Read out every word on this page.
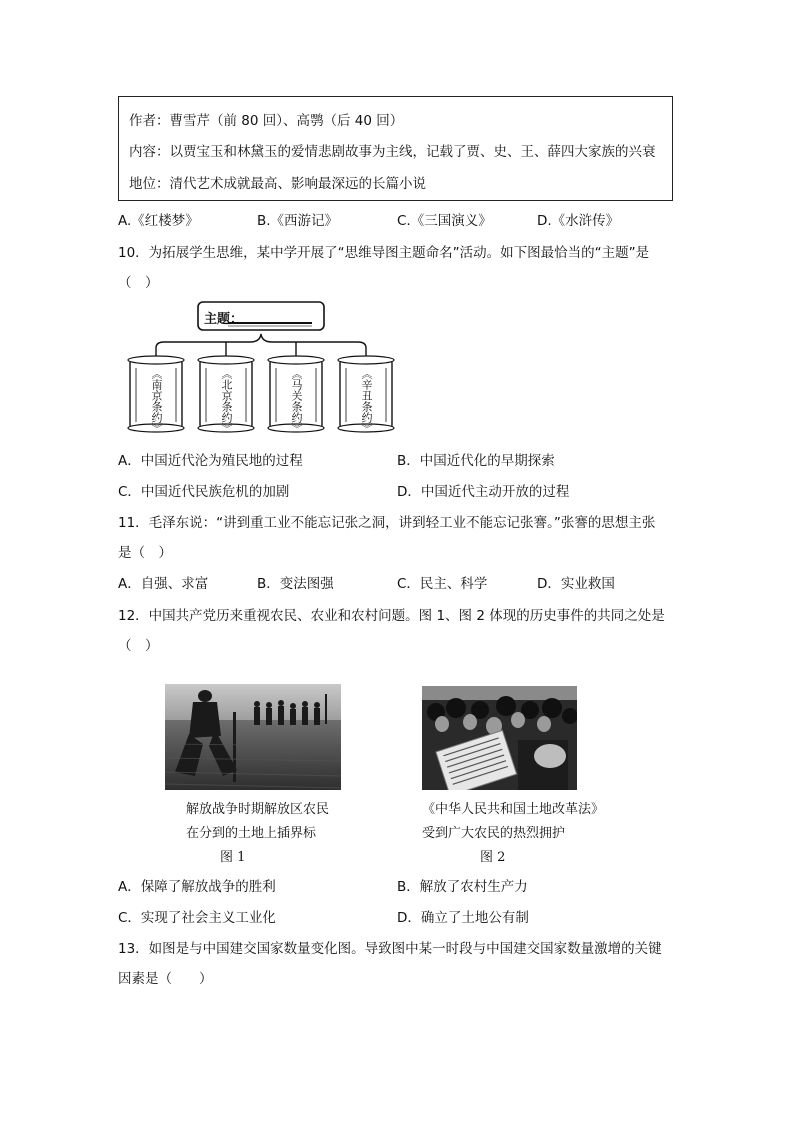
作者：曹雪芹（前 80 回）、高鹗（后 40 回）
内容：以贾宝玉和林黛玉的爱情悲剧故事为主线，记载了贾、史、王、薛四大家族的兴衰
地位：清代艺术成就最高、影响最深远的长篇小说
A.《红楼梦》	B.《西游记》	C.《三国演义》	D.《水浒传》
10．为拓展学生思维，某中学开展了“思维导图主题命名”活动。如下图最恰当的“主题”是
（　）
主题：
《南京条约》	《北京条约》	《马关条约》	《辛丑条约》
A．中国近代沦为殖民地的过程	B．中国近代化的早期探索
C．中国近代民族危机的加剧	D．中国近代主动开放的过程
11．毛泽东说：“讲到重工业不能忘记张之洞，讲到轻工业不能忘记张謇。”张謇的思想主张
是（　）
A．自强、求富	B．变法图强	C．民主、科学	D．实业救国
12．中国共产党历来重视农民、农业和农村问题。图 1、图 2 体现的历史事件的共同之处是
（　）
解放战争时期解放区农民
在分到的土地上插界标
图 1
《中华人民共和国土地改革法》
受到广大农民的热烈拥护
图 2
A．保障了解放战争的胜利	B．解放了农村生产力
C．实现了社会主义工业化	D．确立了土地公有制
13．如图是与中国建交国家数量变化图。导致图中某一时段与中国建交国家数量激增的关键
因素是（　　）
